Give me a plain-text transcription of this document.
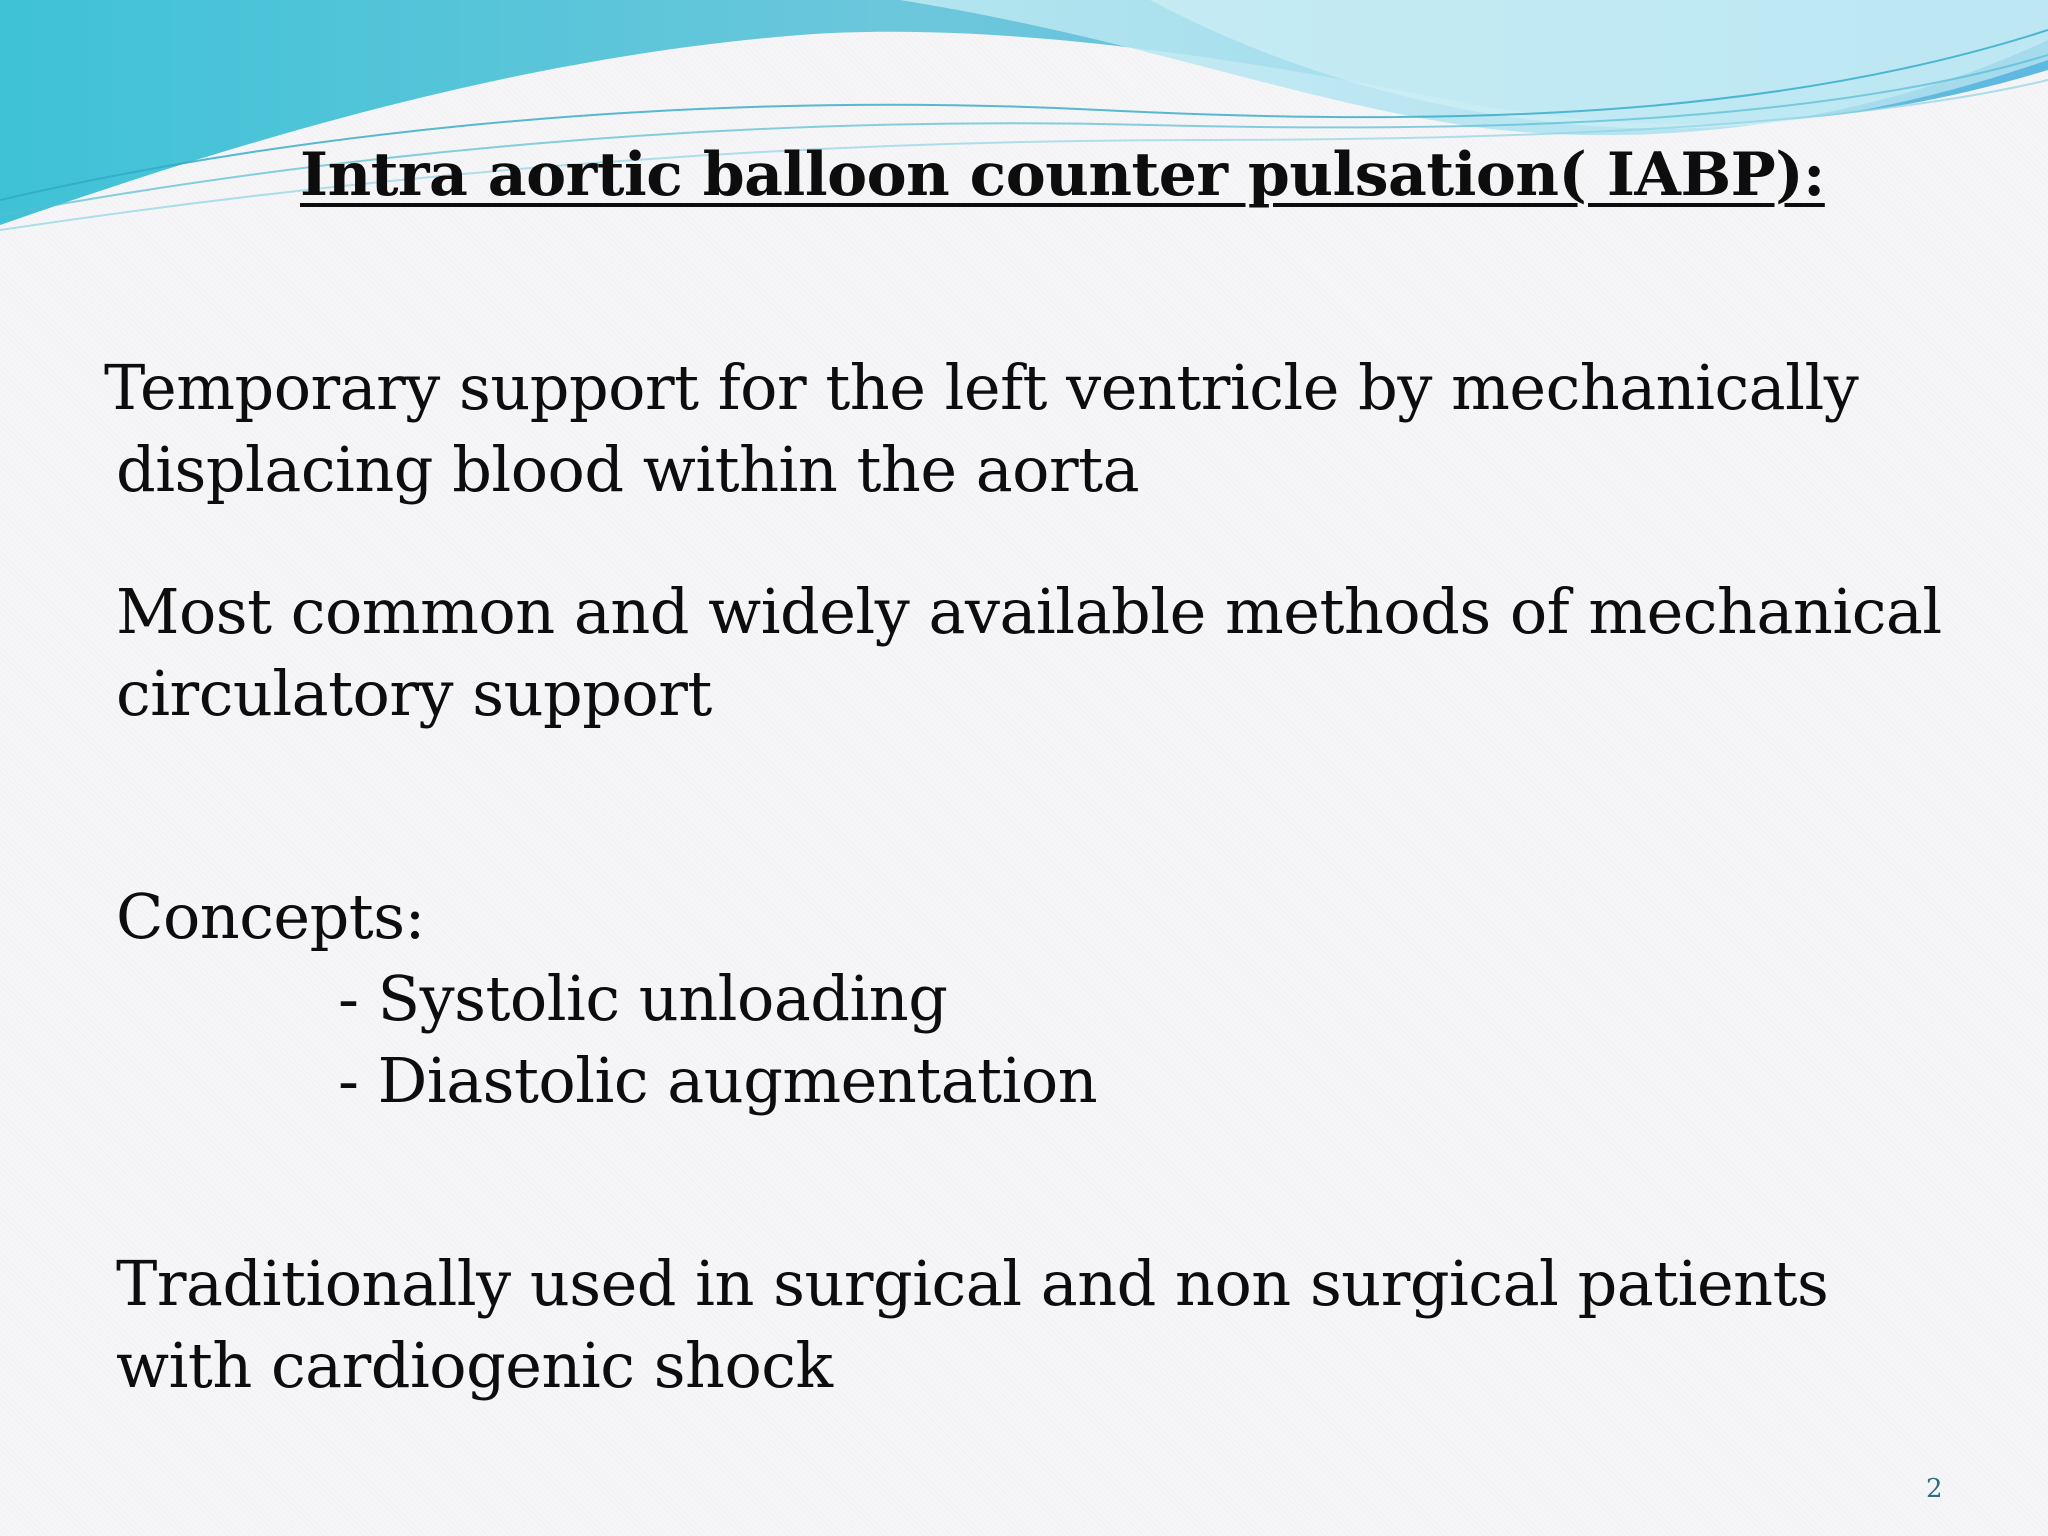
Intra aortic balloon counter pulsation( IABP):
Temporary support for the left ventricle by mechanically
displacing blood within the aorta
Most common and widely available methods of mechanical
circulatory support
Concepts:
- Systolic unloading
- Diastolic augmentation
Traditionally used in surgical and non surgical patients
with cardiogenic shock
2
